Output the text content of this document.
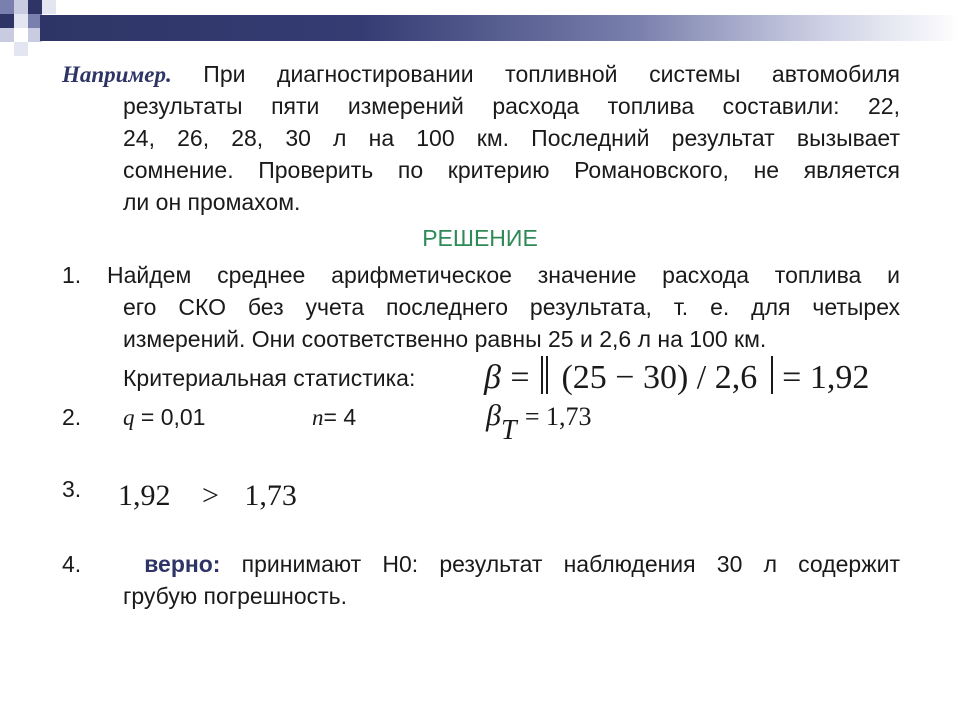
Например. При диагностировании топливной системы автомобиля
результаты пяти измерений расхода топлива составили: 22,
24, 26, 28, 30 л на 100 км. Последний результат вызывает
сомнение. Проверить по критерию Романовского, не является
ли он промахом.
РЕШЕНИЕ
1. Найдем среднее арифметическое значение расхода топлива и
его СКО без учета последнего результата, т. е. для четырех
измерений. Они соответственно равны 25 и 2,6 л на 100 км.
Критериальная статистика: β = (25 − 30) / 2,6 = 1,92
2. q = 0,01	n= 4	βT = 1,73
3. 1,92 > 1,73
4.	верно: принимают Н0: результат наблюдения 30 л содержит
грубую погрешность.
